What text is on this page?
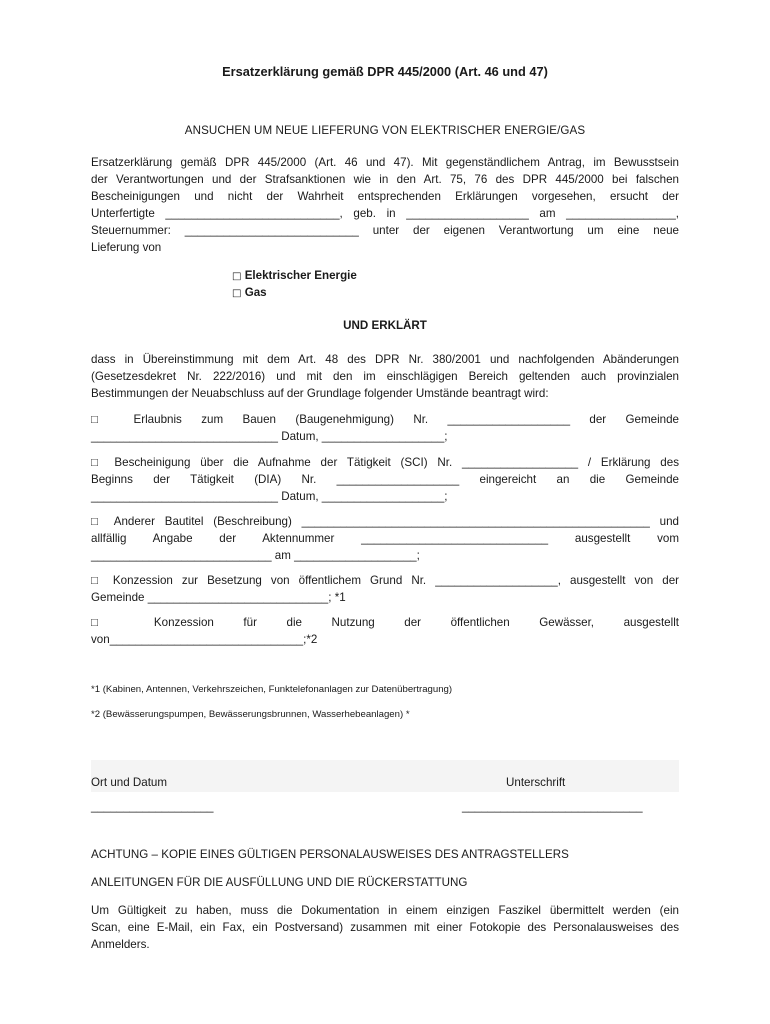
Ersatzerklärung gemäß DPR 445/2000 (Art. 46 und 47)
ANSUCHEN UM NEUE LIEFERUNG VON ELEKTRISCHER ENERGIE/GAS

Ersatzerklärung gemäß DPR 445/2000 (Art. 46 und 47). Mit gegenständlichem Antrag, im Bewusstsein

der Verantwortungen und der Strafsanktionen wie in den Art. 75, 76 des DPR 445/2000 bei falschen

Bescheinigungen und nicht der Wahrheit entsprechenden Erklärungen vorgesehen, ersucht der

Unterfertigte ___________________________, geb. in ___________________ am _________________,

Steuernummer: ___________________________ unter der eigenen Verantwortung um eine neue

Lieferung von

□ Elektrischer Energie
□ Gas
UND ERKLÄRT

dass in Übereinstimmung mit dem Art. 48 des DPR Nr. 380/2001 und nachfolgenden Abänderungen

(Gesetzesdekret Nr. 222/2016) und mit den im einschlägigen Bereich geltenden auch provinzialen

Bestimmungen der Neuabschluss auf der Grundlage folgender Umstände beantragt wird:

□ Erlaubnis zum Bauen (Baugenehmigung) Nr. ___________________ der Gemeinde

_____________________________ Datum, ___________________;

□ Bescheinigung über die Aufnahme der Tätigkeit (SCI) Nr. __________________ / Erklärung des

Beginns der Tätigkeit (DIA) Nr. ___________________ eingereicht an die Gemeinde

_____________________________ Datum, ___________________;

□ Anderer Bautitel (Beschreibung) ______________________________________________________ und

allfällig Angabe der Aktennummer _____________________________ ausgestellt vom

____________________________ am ___________________;

□ Konzession zur Besetzung von öffentlichem Grund Nr. ___________________, ausgestellt von der

Gemeinde ____________________________; *1

□ Konzession für die Nutzung der öffentlichen Gewässer, ausgestellt

von______________________________;*2

*1 (Kabinen, Antennen, Verkehrszeichen, Funktelefonanlagen zur Datenübertragung)
*2 (Bewässerungspumpen, Bewässerungsbrunnen, Wasserhebeanlagen) *
Ort und Datum	Unterschrift
___________________	____________________________
ACHTUNG – KOPIE EINES GÜLTIGEN PERSONALAUSWEISES DES ANTRAGSTELLERS
ANLEITUNGEN FÜR DIE AUSFÜLLUNG UND DIE RÜCKERSTATTUNG

Um Gültigkeit zu haben, muss die Dokumentation in einem einzigen Faszikel übermittelt werden (ein

Scan, eine E-Mail, ein Fax, ein Postversand) zusammen mit einer Fotokopie des Personalausweises des

Anmelders.
